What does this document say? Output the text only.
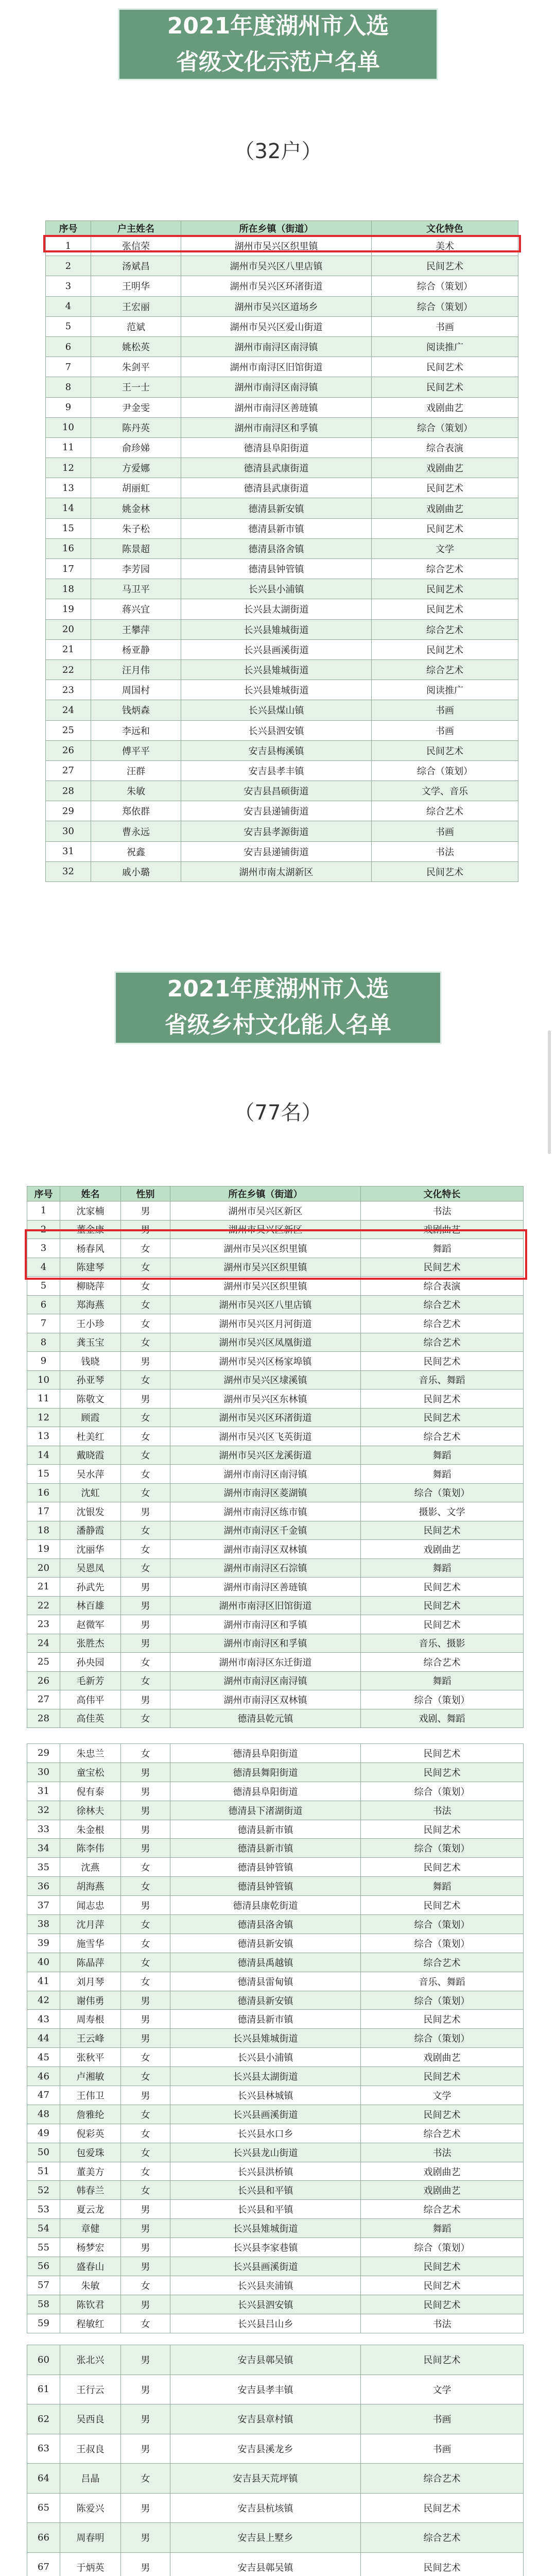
2021年度湖州市入选
省级文化示范户名单
（32户）
序号	户主姓名	所在乡镇（街道）	文化特色
1	张信荣	湖州市吴兴区织里镇	美术
2	汤斌昌	湖州市吴兴区八里店镇	民间艺术
3	王明华	湖州市吴兴区环渚街道	综合（策划）
4	王宏丽	湖州市吴兴区道场乡	综合（策划）
5	范斌	湖州市吴兴区爱山街道	书画
6	姚松英	湖州市南浔区南浔镇	阅读推广
7	朱剑平	湖州市南浔区旧馆街道	民间艺术
8	王一士	湖州市南浔区南浔镇	民间艺术
9	尹金雯	湖州市南浔区善琏镇	戏剧曲艺
10	陈丹英	湖州市南浔区和孚镇	综合（策划）
11	俞珍娣	德清县阜阳街道	综合表演
12	方爱娜	德清县武康街道	戏剧曲艺
13	胡丽虹	德清县武康街道	民间艺术
14	姚金林	德清县新安镇	戏剧曲艺
15	朱子松	德清县新市镇	民间艺术
16	陈景超	德清县洛舍镇	文学
17	李芳园	德清县钟管镇	综合艺术
18	马卫平	长兴县小浦镇	民间艺术
19	蒋兴宜	长兴县太湖街道	民间艺术
20	王攀萍	长兴县雉城街道	综合艺术
21	杨亚静	长兴县画溪街道	民间艺术
22	汪月伟	长兴县雉城街道	综合艺术
23	周国村	长兴县雉城街道	阅读推广
24	钱炳森	长兴县煤山镇	书画
25	李远和	长兴县泗安镇	书画
26	傅平平	安吉县梅溪镇	民间艺术
27	汪群	安吉县孝丰镇	综合（策划）
28	朱敏	安吉县昌硕街道	文学、音乐
29	郑依群	安吉县递铺街道	综合艺术
30	曹永远	安吉县孝源街道	书画
31	祝鑫	安吉县递铺街道	书法
32	戚小璐	湖州市南太湖新区	民间艺术
2021年度湖州市入选
省级乡村文化能人名单
（77名）
序号	姓名	性别	所在乡镇（街道）	文化特长
1	沈家楠	男	湖州市吴兴区新区	书法
2	董金康	男	湖州市吴兴区新区	戏剧曲艺
3	杨春风	女	湖州市吴兴区织里镇	舞蹈
4	陈建琴	女	湖州市吴兴区织里镇	民间艺术
5	柳晓萍	女	湖州市吴兴区织里镇	综合表演
6	郑海燕	女	湖州市吴兴区八里店镇	综合艺术
7	王小珍	女	湖州市吴兴区月河街道	综合艺术
8	龚玉宝	女	湖州市吴兴区凤凰街道	综合艺术
9	钱晓	男	湖州市吴兴区杨家埠镇	民间艺术
10	孙亚琴	女	湖州市吴兴区埭溪镇	音乐、舞蹈
11	陈敬文	男	湖州市吴兴区东林镇	民间艺术
12	顾霞	女	湖州市吴兴区环渚街道	民间艺术
13	杜美红	女	湖州市吴兴区飞英街道	综合艺术
14	戴晓霞	女	湖州市吴兴区龙溪街道	舞蹈
15	吴水萍	女	湖州市南浔区南浔镇	舞蹈
16	沈虹	女	湖州市南浔区菱湖镇	综合（策划）
17	沈银发	男	湖州市南浔区练市镇	摄影、文学
18	潘静霞	女	湖州市南浔区千金镇	民间艺术
19	沈丽华	女	湖州市南浔区双林镇	戏剧曲艺
20	吴恩凤	女	湖州市南浔区石淙镇	舞蹈
21	孙武先	男	湖州市南浔区善琏镇	民间艺术
22	林百雄	男	湖州市南浔区旧馆街道	民间艺术
23	赵微军	男	湖州市南浔区和孚镇	民间艺术
24	张胜杰	男	湖州市南浔区和孚镇	音乐、摄影
25	孙央园	女	湖州市南浔区东迁街道	综合艺术
26	毛新芳	女	湖州市南浔区南浔镇	舞蹈
27	高伟平	男	湖州市南浔区双林镇	综合（策划）
28	高佳英	女	德清县乾元镇	戏剧、舞蹈
29	朱忠兰	女	德清县阜阳街道	民间艺术
30	童宝松	男	德清县舞阳街道	民间艺术
31	倪有泰	男	德清县阜阳街道	综合（策划）
32	徐林夫	男	德清县下渚湖街道	书法
33	朱金根	男	德清县新市镇	民间艺术
34	陈李伟	男	德清县新市镇	综合（策划）
35	沈燕	女	德清县钟管镇	民间艺术
36	胡海燕	女	德清县钟管镇	舞蹈
37	闻志忠	男	德清县康乾街道	民间艺术
38	沈月萍	女	德清县洛舍镇	综合（策划）
39	施雪华	女	德清县新安镇	综合（策划）
40	陈晶萍	女	德清县禹越镇	综合艺术
41	刘月琴	女	德清县雷甸镇	音乐、舞蹈
42	谢伟勇	男	德清县新安镇	综合（策划）
43	周寿根	男	德清县新市镇	民间艺术
44	王云峰	男	长兴县雉城街道	综合（策划）
45	张秋平	女	长兴县小浦镇	戏剧曲艺
46	卢湘敏	女	长兴县太湖街道	民间艺术
47	王伟卫	男	长兴县林城镇	文学
48	詹雅纶	女	长兴县画溪街道	民间艺术
49	倪彩英	女	长兴县水口乡	综合艺术
50	包爱珠	女	长兴县龙山街道	书法
51	董美方	女	长兴县洪桥镇	戏剧曲艺
52	韩春兰	女	长兴县和平镇	戏剧曲艺
53	夏云龙	男	长兴县和平镇	综合艺术
54	章健	男	长兴县雉城街道	舞蹈
55	杨梦宏	男	长兴县李家巷镇	综合（策划）
56	盛春山	男	长兴县画溪街道	民间艺术
57	朱敏	女	长兴县夹浦镇	民间艺术
58	陈钦君	男	长兴县泗安镇	民间艺术
59	程敏红	女	长兴县吕山乡	书法
60	张北兴	男	安吉县鄣吴镇	民间艺术
61	王行云	男	安吉县孝丰镇	文学
62	吴西良	男	安吉县章村镇	书画
63	王叔良	男	安吉县溪龙乡	书画
64	吕晶	女	安吉县天荒坪镇	综合艺术
65	陈爱兴	男	安吉县杭垓镇	民间艺术
66	周春明	男	安吉县上墅乡	综合艺术
67	于炳英	男	安吉县鄣吴镇	民间艺术
